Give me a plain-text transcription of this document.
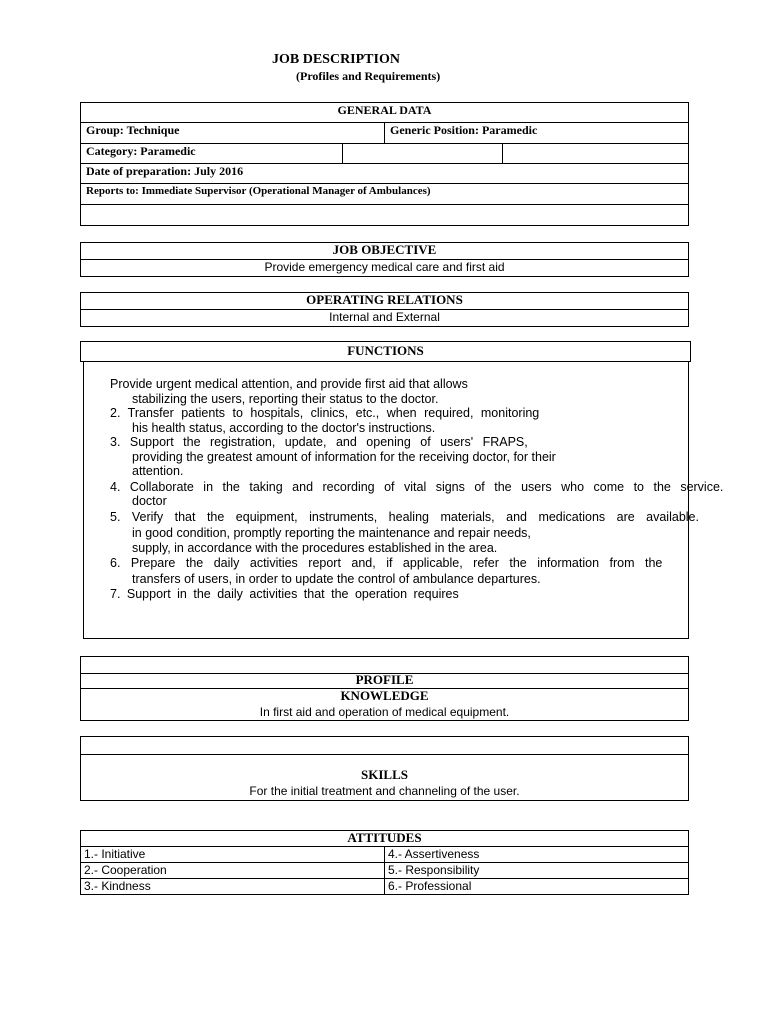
JOB DESCRIPTION
(Profiles and Requirements)
GENERAL DATA
Group: Technique	Generic Position: Paramedic
Category: Paramedic
Date of preparation: July 2016
Reports to: Immediate Supervisor (Operational Manager of Ambulances)
JOB OBJECTIVE
Provide emergency medical care and first aid
OPERATING RELATIONS
Internal and External
FUNCTIONS
Provide urgent medical attention, and provide first aid that allows
stabilizing the users, reporting their status to the doctor.
2. Transfer patients to hospitals, clinics, etc., when required, monitoring
his health status, according to the doctor's instructions.
3. Support the registration, update, and opening of users' FRAPS,
providing the greatest amount of information for the receiving doctor, for their
attention.
4. Collaborate in the taking and recording of vital signs of the users who come to the service.
doctor
5. Verify that the equipment, instruments, healing materials, and medications are available.
in good condition, promptly reporting the maintenance and repair needs,
supply, in accordance with the procedures established in the area.
6. Prepare the daily activities report and, if applicable, refer the information from the
transfers of users, in order to update the control of ambulance departures.
7. Support in the daily activities that the operation requires
PROFILE
KNOWLEDGE
In first aid and operation of medical equipment.
SKILLS
For the initial treatment and channeling of the user.
ATTITUDES
1.- Initiative
2.- Cooperation
3.- Kindness
4.- Assertiveness
5.- Responsibility
6.- Professional
